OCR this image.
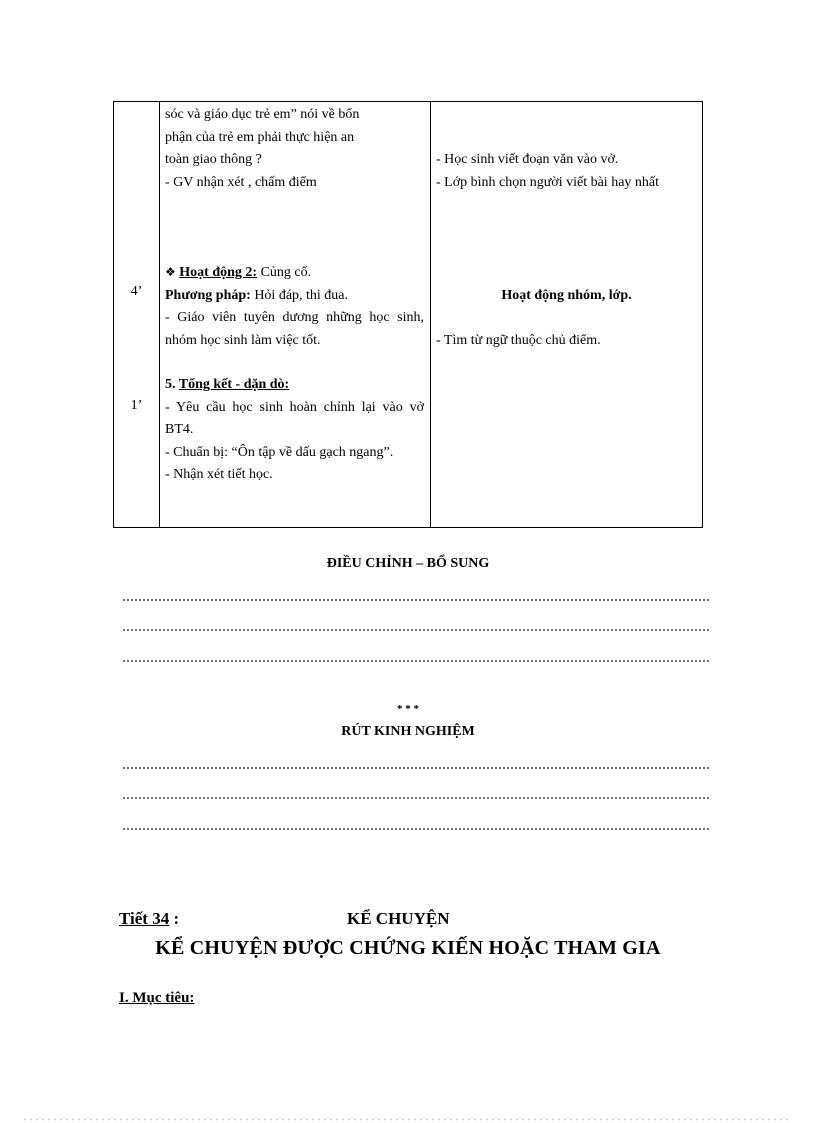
4’
1’
sóc và giáo dục trẻ em” nói về bổn
phận của trẻ em phải thực hiện an
toàn giao thông ?
- GV nhận xét , chấm điểm
❖ Hoạt động 2: Củng cố.
Phương pháp: Hỏi đáp, thi đua.
- Giáo viên tuyên dương những học sinh, nhóm học sinh làm việc tốt.
5. Tổng kết - dặn dò:
- Yêu cầu học sinh hoàn chỉnh lại vào vở BT4.
- Chuẩn bị: “Ôn tập về dấu gạch ngang”.
- Nhận xét tiết học.
- Học sinh viết đoạn văn vào vở.
- Lớp bình chọn người viết bài hay nhất
Hoạt động nhóm, lớp.
- Tìm từ ngữ thuộc chủ điểm.
ĐIỀU CHỈNH – BỔ SUNG
* * *
RÚT KINH NGHIỆM
Tiết 34 :	KỂ CHUYỆN
KỂ CHUYỆN ĐƯỢC CHỨNG KIẾN HOẶC THAM GIA
I. Mục tiêu:
